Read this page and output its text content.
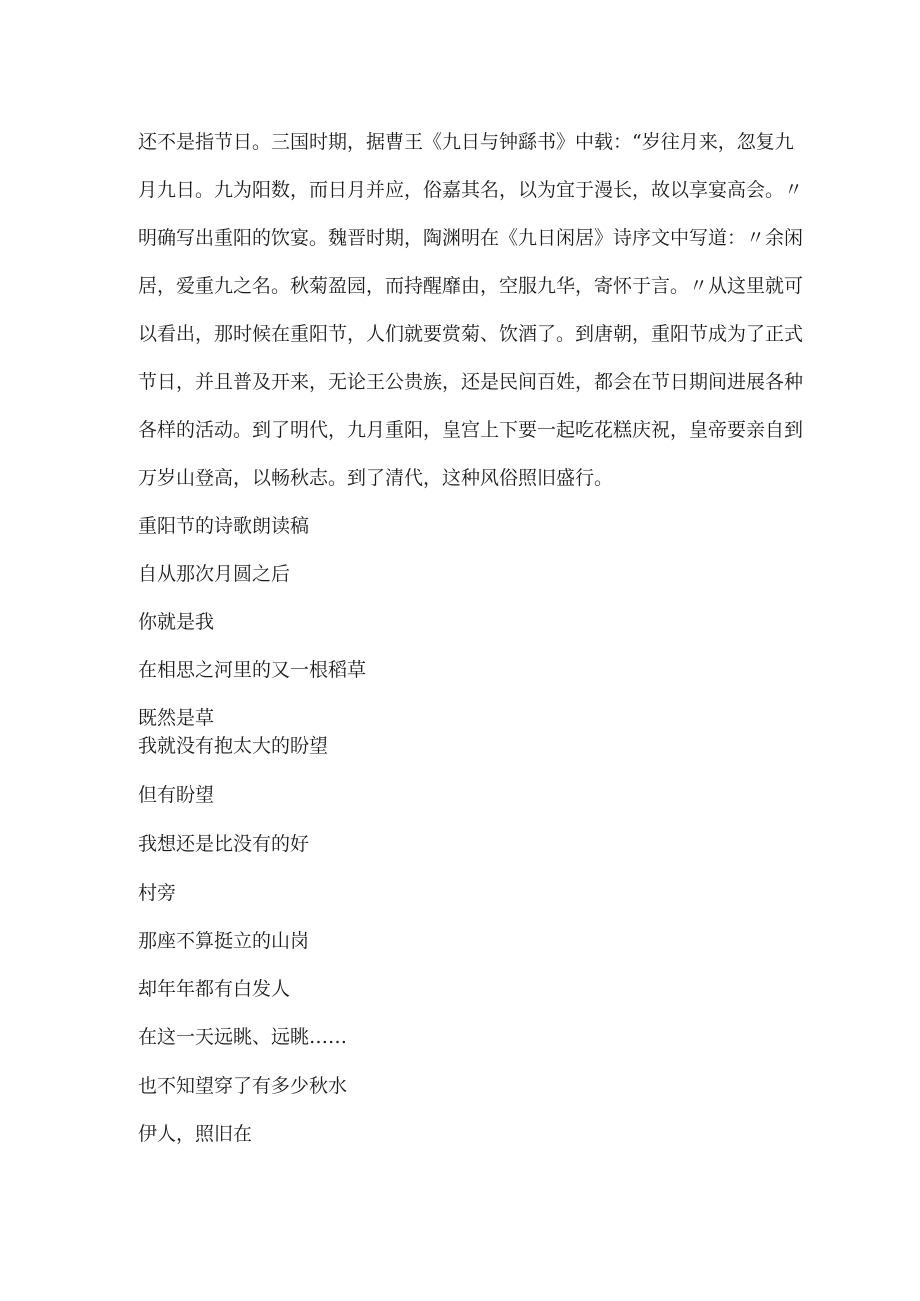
还不是指节日。三国时期，据曹王《九日与钟繇书》中载：“岁往月来，忽复九
月九日。九为阳数，而日月并应，俗嘉其名，以为宜于漫长，故以享宴高会。〃
明确写出重阳的饮宴。魏晋时期，陶渊明在《九日闲居》诗序文中写道：〃余闲
居，爱重九之名。秋菊盈园，而持醒靡由，空服九华，寄怀于言。〃从这里就可
以看出，那时候在重阳节，人们就要赏菊、饮酒了。到唐朝，重阳节成为了正式
节日，并且普及开来，无论王公贵族，还是民间百姓，都会在节日期间进展各种
各样的活动。到了明代，九月重阳，皇宫上下要一起吃花糕庆祝，皇帝要亲自到
万岁山登高，以畅秋志。到了清代，这种风俗照旧盛行。
重阳节的诗歌朗读稿
自从那次月圆之后
你就是我
在相思之河里的又一根稻草
既然是草
我就没有抱太大的盼望
但有盼望
我想还是比没有的好
村旁
那座不算挺立的山岗
却年年都有白发人
在这一天远眺、远眺……
也不知望穿了有多少秋水
伊人，照旧在
